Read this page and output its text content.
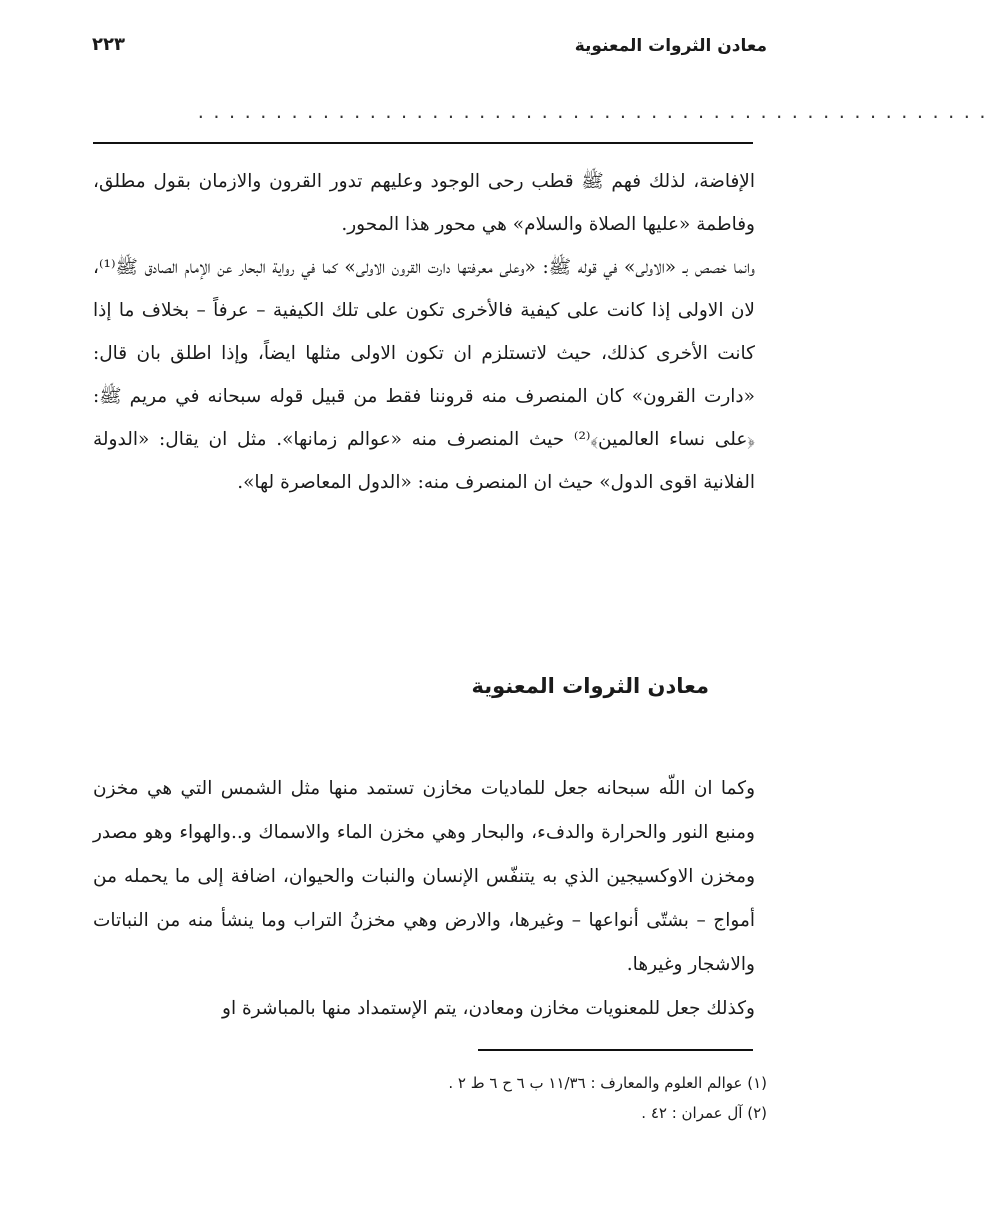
معادن الثروات المعنوية
٢٢٣
...................................................

الإفاضة، لذلك فهم ﷺ قطب رحى الوجود وعليهم تدور القرون والازمان بقول مطلق، وفاطمة «عليها الصلاة والسلام» هي محور هذا المحور.

وانما خصص بـ «الاولى» في قوله ﷺ: «وعلى معرفتها دارت القرون الاولى» كما في رواية البحار عن الإمام الصادق ﷺ⁽¹⁾، لان الاولى إذا كانت على كيفية فالأخرى تكون على تلك الكيفية – عرفاً – بخلاف ما إذا كانت الأخرى كذلك، حيث لاتستلزم ان تكون الاولى مثلها ايضاً، وإذا اطلق بان قال: «دارت القرون» كان المنصرف منه قروننا فقط من قبيل قوله سبحانه في مريم ﷺ: ﴿على نساء العالمين﴾⁽²⁾ حيث المنصرف منه «عوالم زمانها». مثل ان يقال: «الدولة الفلانية اقوى الدول» حيث ان المنصرف منه: «الدول المعاصرة لها».

معادن الثروات المعنوية

وكما ان اللّه سبحانه جعل للماديات مخازن تستمد منها مثل الشمس التي هي مخزن ومنبع النور والحرارة والدفء، والبحار وهي مخزن الماء والاسماك و..والهواء وهو مصدر ومخزن الاوكسيجين الذي به يتنفّس الإنسان والنبات والحيوان، اضافة إلى ما يحمله من أمواج – بشتّى أنواعها – وغيرها، والارض وهي مخزنُ التراب وما ينشأ منه من النباتات والاشجار وغيرها.

وكذلك جعل للمعنويات مخازن ومعادن، يتم الإستمداد منها بالمباشرة او

(١) عوالم العلوم والمعارف : ١١/٣٦ ب ٦ ح ٦ ط ٢ .
(٢) آل عمران : ٤٢ .
